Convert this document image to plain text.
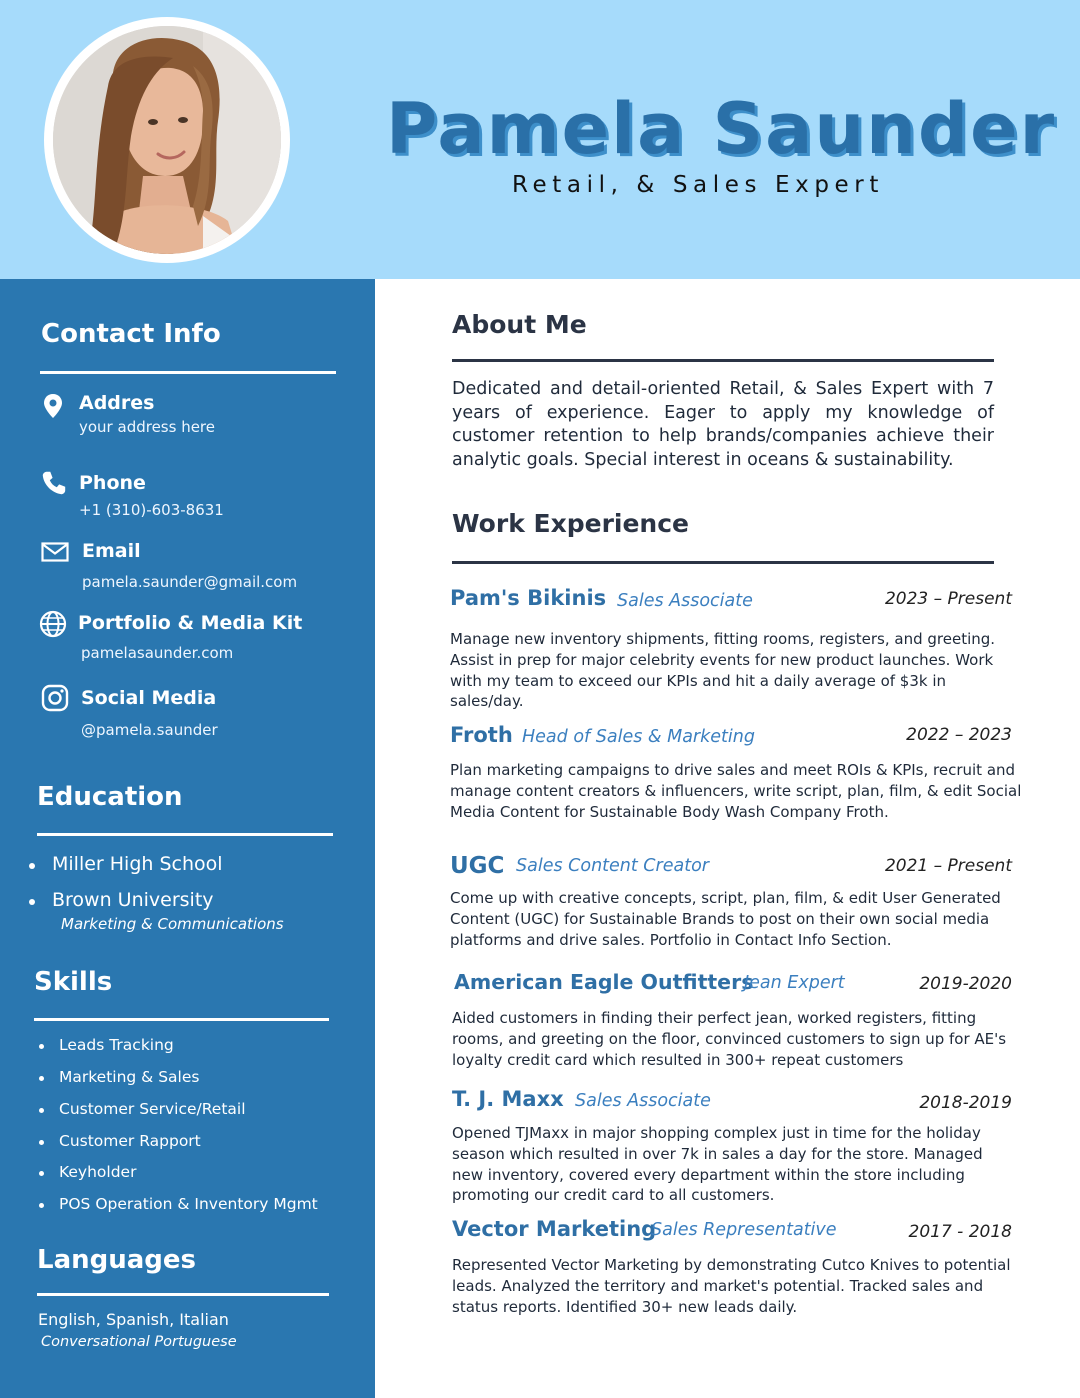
Pamela Saunder
Retail, & Sales Expert
Contact Info
Addres
your address here
Phone
+1 (310)-603-8631
Email
pamela.saunder@gmail.com
Portfolio & Media Kit
pamelasaunder.com
Social Media
@pamela.saunder
Education
Miller High School
Brown University
Marketing & Communications
Skills
Leads Tracking
Marketing & Sales
Customer Service/Retail
Customer Rapport
Keyholder
POS Operation & Inventory Mgmt
Languages
English, Spanish, Italian
Conversational Portuguese
About Me
Dedicated and detail-oriented Retail, & Sales Expert with 7 years of experience. Eager to apply my knowledge of customer retention to help brands/companies achieve their analytic goals. Special interest in oceans & sustainability.
Work Experience
Pam's Bikinis Sales Associate	2023 – Present
Manage new inventory shipments, fitting rooms, registers, and greeting. Assist in prep for major celebrity events for new product launches. Work with my team to exceed our KPIs and hit a daily average of $3k in sales/day.
Froth Head of Sales & Marketing	2022 – 2023
Plan marketing campaigns to drive sales and meet ROIs & KPIs, recruit and manage content creators & influencers, write script, plan, film, & edit Social Media Content for Sustainable Body Wash Company Froth.
UGC Sales Content Creator	2021 – Present
Come up with creative concepts, script, plan, film, & edit User Generated Content (UGC) for Sustainable Brands to post on their own social media platforms and drive sales. Portfolio in Contact Info Section.
American Eagle Outfitters
Jean Expert	2019-2020
Aided customers in finding their perfect jean, worked registers, fitting rooms, and greeting on the floor, convinced customers to sign up for AE's loyalty credit card which resulted in 300+ repeat customers
T. J. Maxx Sales Associate	2018-2019
Opened TJMaxx in major shopping complex just in time for the holiday season which resulted in over 7k in sales a day for the store. Managed new inventory, covered every department within the store including promoting our credit card to all customers.
Vector Marketing
Sales Representative	2017 - 2018
Represented Vector Marketing by demonstrating Cutco Knives to potential leads. Analyzed the territory and market's potential. Tracked sales and status reports. Identified 30+ new leads daily.
